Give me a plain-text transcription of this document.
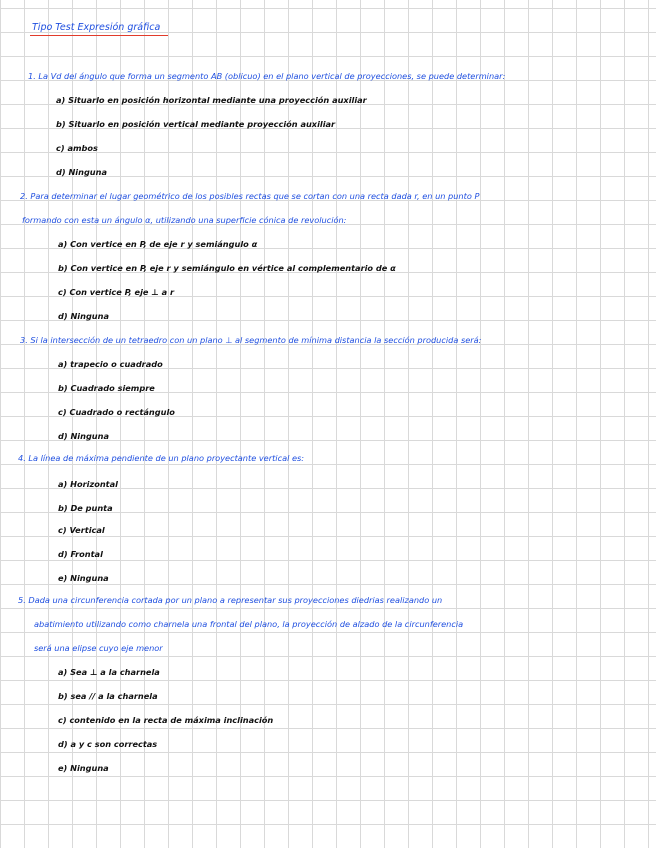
Tipo Test Expresión gráfica
1. La Vd del ángulo que forma un segmento AB (oblicuo) en el plano vertical de proyecciones, se puede determinar:
a) Situarlo en posición horizontal mediante una proyección auxiliar
b) Situarlo en posición vertical mediante proyección auxiliar
c) ambos
d) Ninguna
2. Para determinar el lugar geométrico de los posibles rectas que se cortan con una recta dada r, en un punto P
formando con esta un ángulo α, utilizando una superficie cónica de revolución:
a) Con vertice en P, de eje r y semiángulo α
b) Con vertice en P, eje r y semiángulo en vértice al complementario de α
c) Con vertice P, eje ⊥ a r
d) Ninguna
3. Si la intersección de un tetraedro con un plano ⊥ al segmento de mínima distancia la sección producida será:
a) trapecio o cuadrado
b) Cuadrado siempre
c) Cuadrado o rectángulo
d) Ninguna
4. La línea de máxima pendiente de un plano proyectante vertical es:
a) Horizontal
b) De punta
c) Vertical
d) Frontal
e) Ninguna
5. Dada una circunferencia cortada por un plano a representar sus proyecciones diedrias realizando un
abatimiento utilizando como charnela una frontal del plano, la proyección de alzado de la circunferencia
será una elipse cuyo eje menor
a) Sea ⊥ a la charnela
b) sea // a la charnela
c) contenido en la recta de máxima inclinación
d) a y c son correctas
e) Ninguna
